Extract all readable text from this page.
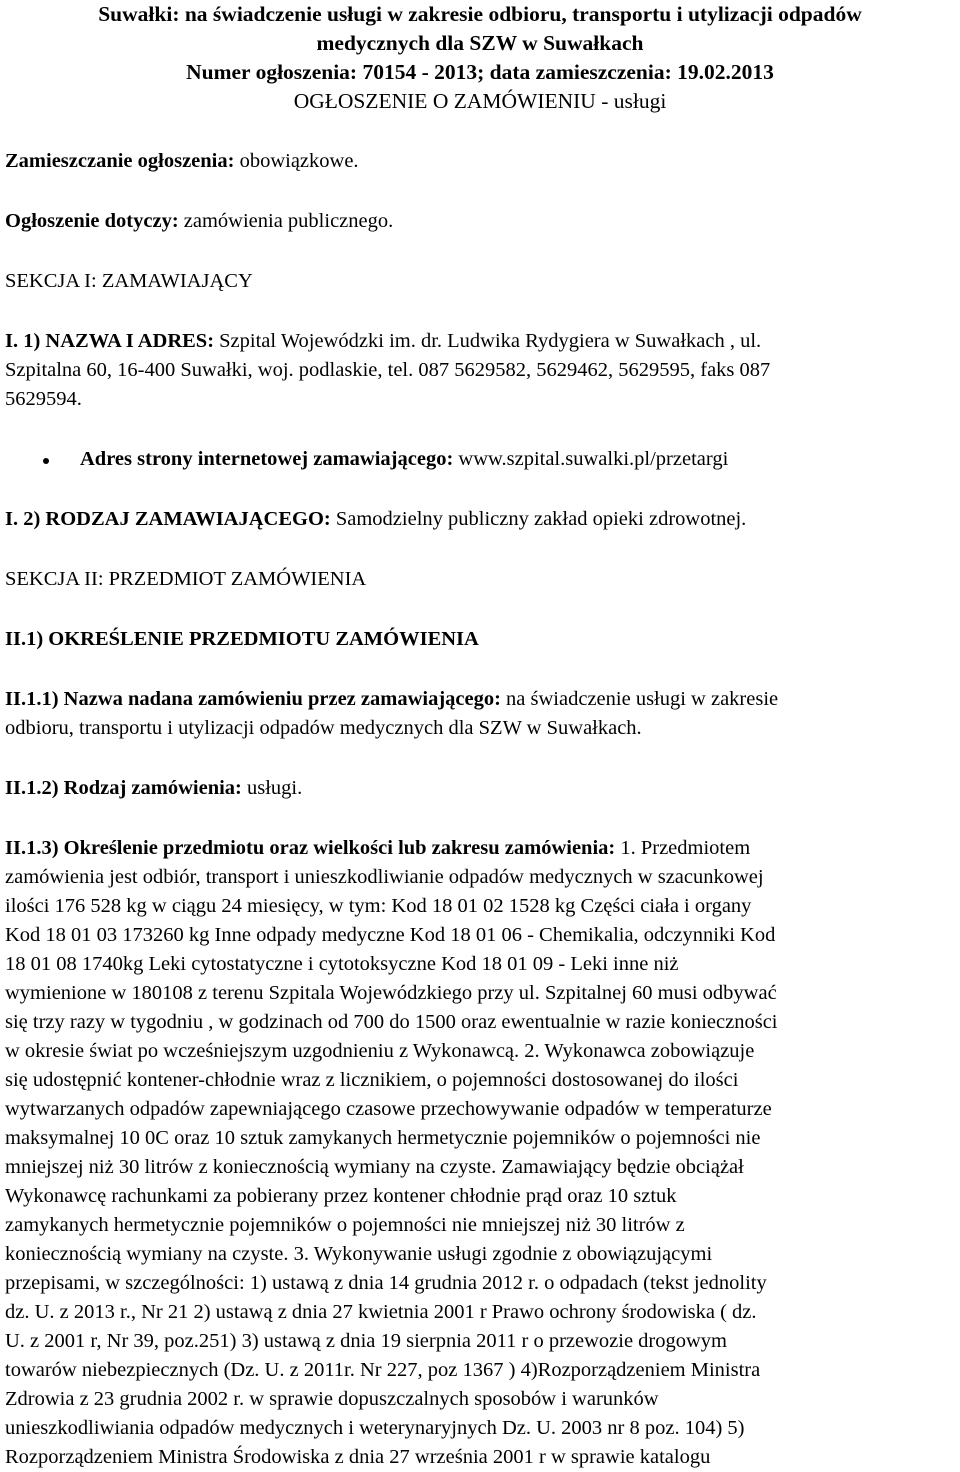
Suwałki: na świadczenie usługi w zakresie odbioru, transportu i utylizacji odpadów
medycznych dla SZW w Suwałkach
Numer ogłoszenia: 70154 - 2013; data zamieszczenia: 19.02.2013
OGŁOSZENIE O ZAMÓWIENIU - usługi

Zamieszczanie ogłoszenia: obowiązkowe.

Ogłoszenie dotyczy: zamówienia publicznego.

SEKCJA I: ZAMAWIAJĄCY

I. 1) NAZWA I ADRES: Szpital Wojewódzki im. dr. Ludwika Rydygiera w Suwałkach , ul.

Szpitalna 60, 16-400 Suwałki, woj. podlaskie, tel. 087 5629582, 5629462, 5629595, faks 087

5629594.

Adres strony internetowej zamawiającego: www.szpital.suwalki.pl/przetargi

I. 2) RODZAJ ZAMAWIAJĄCEGO: Samodzielny publiczny zakład opieki zdrowotnej.

SEKCJA II: PRZEDMIOT ZAMÓWIENIA

II.1) OKREŚLENIE PRZEDMIOTU ZAMÓWIENIA

II.1.1) Nazwa nadana zamówieniu przez zamawiającego: na świadczenie usługi w zakresie

odbioru, transportu i utylizacji odpadów medycznych dla SZW w Suwałkach.

II.1.2) Rodzaj zamówienia: usługi.

II.1.3) Określenie przedmiotu oraz wielkości lub zakresu zamówienia: 1. Przedmiotem

zamówienia jest odbiór, transport i unieszkodliwianie odpadów medycznych w szacunkowej

ilości 176 528 kg w ciągu 24 miesięcy, w tym: Kod 18 01 02 1528 kg Części ciała i organy

Kod 18 01 03 173260 kg Inne odpady medyczne Kod 18 01 06 - Chemikalia, odczynniki Kod

18 01 08 1740kg Leki cytostatyczne i cytotoksyczne Kod 18 01 09 - Leki inne niż

wymienione w 180108 z terenu Szpitala Wojewódzkiego przy ul. Szpitalnej 60 musi odbywać

się trzy razy w tygodniu , w godzinach od 700 do 1500 oraz ewentualnie w razie konieczności

w okresie świat po wcześniejszym uzgodnieniu z Wykonawcą. 2. Wykonawca zobowiązuje

się udostępnić kontener-chłodnie wraz z licznikiem, o pojemności dostosowanej do ilości

wytwarzanych odpadów zapewniającego czasowe przechowywanie odpadów w temperaturze

maksymalnej 10 0C oraz 10 sztuk zamykanych hermetycznie pojemników o pojemności nie

mniejszej niż 30 litrów z koniecznością wymiany na czyste. Zamawiający będzie obciążał

Wykonawcę rachunkami za pobierany przez kontener chłodnie prąd oraz 10 sztuk

zamykanych hermetycznie pojemników o pojemności nie mniejszej niż 30 litrów z

koniecznością wymiany na czyste. 3. Wykonywanie usługi zgodnie z obowiązującymi

przepisami, w szczególności: 1) ustawą z dnia 14 grudnia 2012 r. o odpadach (tekst jednolity

dz. U. z 2013 r., Nr 21 2) ustawą z dnia 27 kwietnia 2001 r Prawo ochrony środowiska ( dz.

U. z 2001 r, Nr 39, poz.251) 3) ustawą z dnia 19 sierpnia 2011 r o przewozie drogowym

towarów niebezpiecznych (Dz. U. z 2011r. Nr 227, poz 1367 ) 4)Rozporządzeniem Ministra

Zdrowia z 23 grudnia 2002 r. w sprawie dopuszczalnych sposobów i warunków

unieszkodliwiania odpadów medycznych i weterynaryjnych Dz. U. 2003 nr 8 poz. 104) 5)

Rozporządzeniem Ministra Środowiska z dnia 27 września 2001 r w sprawie katalogu
